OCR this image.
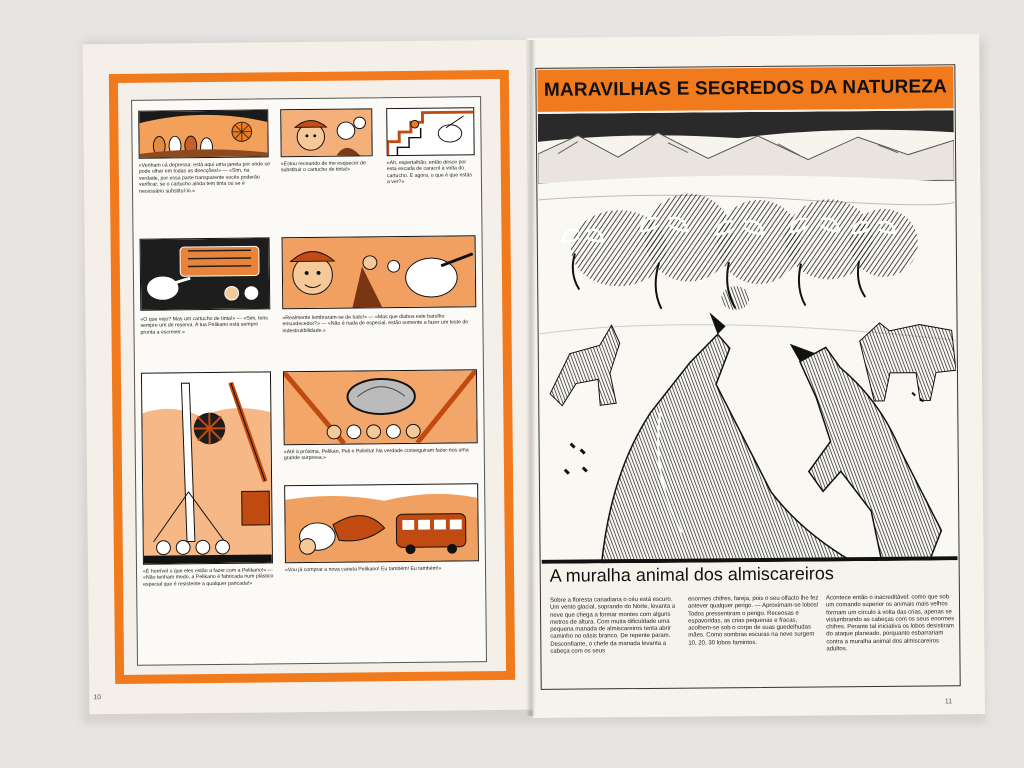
«Venham cá depressa: está aqui uma janela por onde se pode olhar em todas as direcções!» — «Sim, na verdade, por essa parte transparente vocês poderão verificar, se o cartucho ainda tem tinta ou se é necessário substituí-lo.»
«Estou receando de me esquecer de substituir o cartucho de tinta!»
«Ah, espertalhão, então desce por esta escada de caracol à volta do cartucho. E agora, o que é que estás a ver?»
«O que vejo? Mas um cartucho de tinta!» — «Sim, tens sempre um de reserva. A tua Pelikano está sempre pronta a escrever.»
«Realmente lembraram-se de tudo!» — «Mas que diabos este barulho ensurdecedor?» — «Não é nada de especial, estão somente a fazer um teste de indestrutibilidade.»
«Até à próxima, Pelikan, Peli e Pelinha! Na verdade conseguiram fazer-nos uma grande surpresa.»
«É horrível o que eles estão a fazer com a Pelikano!» — «Não tenham medo, a Pelikano é fabricada num plástico especial que é resistente a qualquer pancada!»
«Vou já comprar a nova caneta Pelikano! Eu também! Eu também!»
10
MARAVILHAS E SEGREDOS DA NATUREZA
A muralha animal dos almiscareiros
Sobre a floresta canadiana o céu está escuro. Um vento glacial, soprando do Norte, levanta a neve que chega a formar montes com alguns metros de altura. Com muita dificuldade uma pequena manada de almiscareiros tenta abrir caminho no oásis branco. De repente param. Desconfiante, o chefe da manada levanta a cabeça com os seus
enormes chifres, fareja, pois o seu olfacto lhe fez antever qualquer perigo. — Aproximam-se lobos! Todos pressentiram o perigo. Receosas e espavoridas, as crias pequenas e fracas, acolhem-se sob o corpo de suas guedelhudas mães. Como sombras escuras na neve surgem 10, 20, 30 lobos famintos.
Acontece então o inacreditável: como que sob um comando superior os animais mais velhos formam um círculo à volta das crias, apenas se vislumbrando as cabeças com os seus enormes chifres. Perante tal iniciativa os lobos desistiram do ataque planeado, porquanto esbarrariam contra a muralha animal dos almiscareiros adultos.
11
